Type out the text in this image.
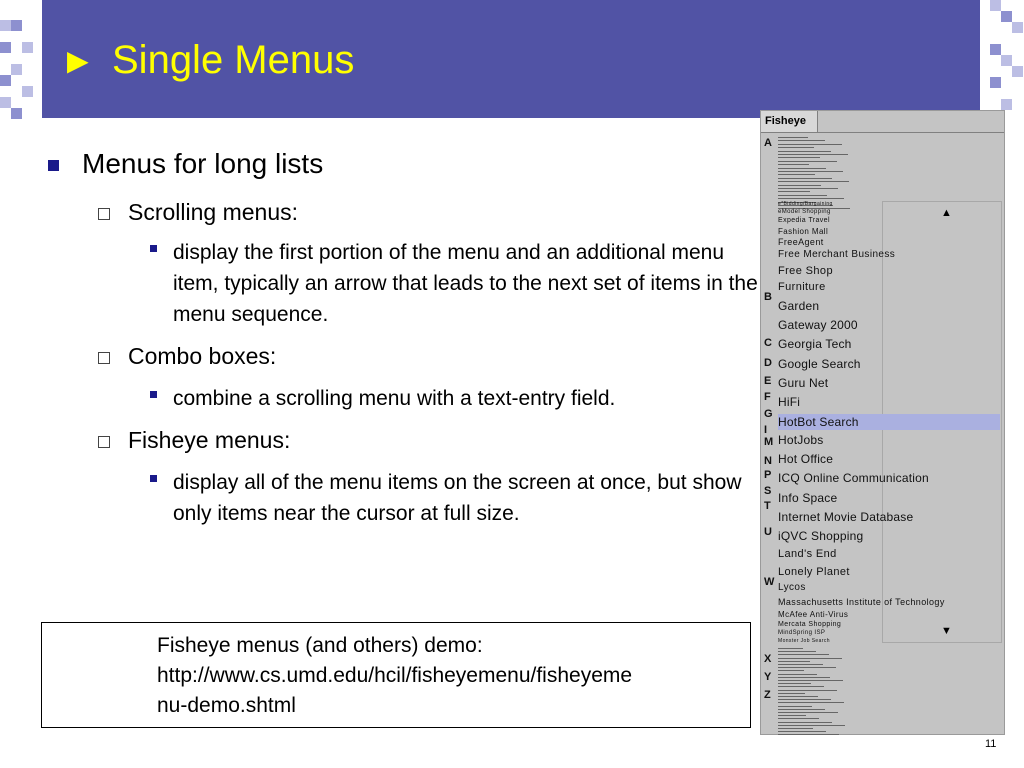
► Single Menus
Menus for long lists
Scrolling menus:
display the first portion of the menu and an additional menu item, typically an arrow that leads to the next set of items in the menu sequence.
Combo boxes:
combine a scrolling menu with a text-entry field.
Fisheye menus:
display all of the menu items on the screen at once, but show only items near the cursor at full size.
Fisheye menus (and others) demo:
http://www.cs.umd.edu/hcil/fisheyemenu/fisheyeme
nu-demo.shtml
Fisheye
▲
▼
A
B
C
D
E
F
G
I
M
N
P
S
T
U
W
X
Y
Z
e*Bidding/Bargaining
eModel Shopping
Expedia Travel
Fashion Mall
FreeAgent
Free Merchant Business
Free Shop
Furniture
Garden
Gateway 2000
Georgia Tech
Google Search
Guru Net
HiFi
HotBot Search
HotJobs
Hot Office
ICQ Online Communication
Info Space
Internet Movie Database
iQVC Shopping
Land's End
Lonely Planet
Lycos
Massachusetts Institute of Technology
McAfee Anti-Virus
Mercata Shopping
MindSpring ISP
Monster Job Search
11
